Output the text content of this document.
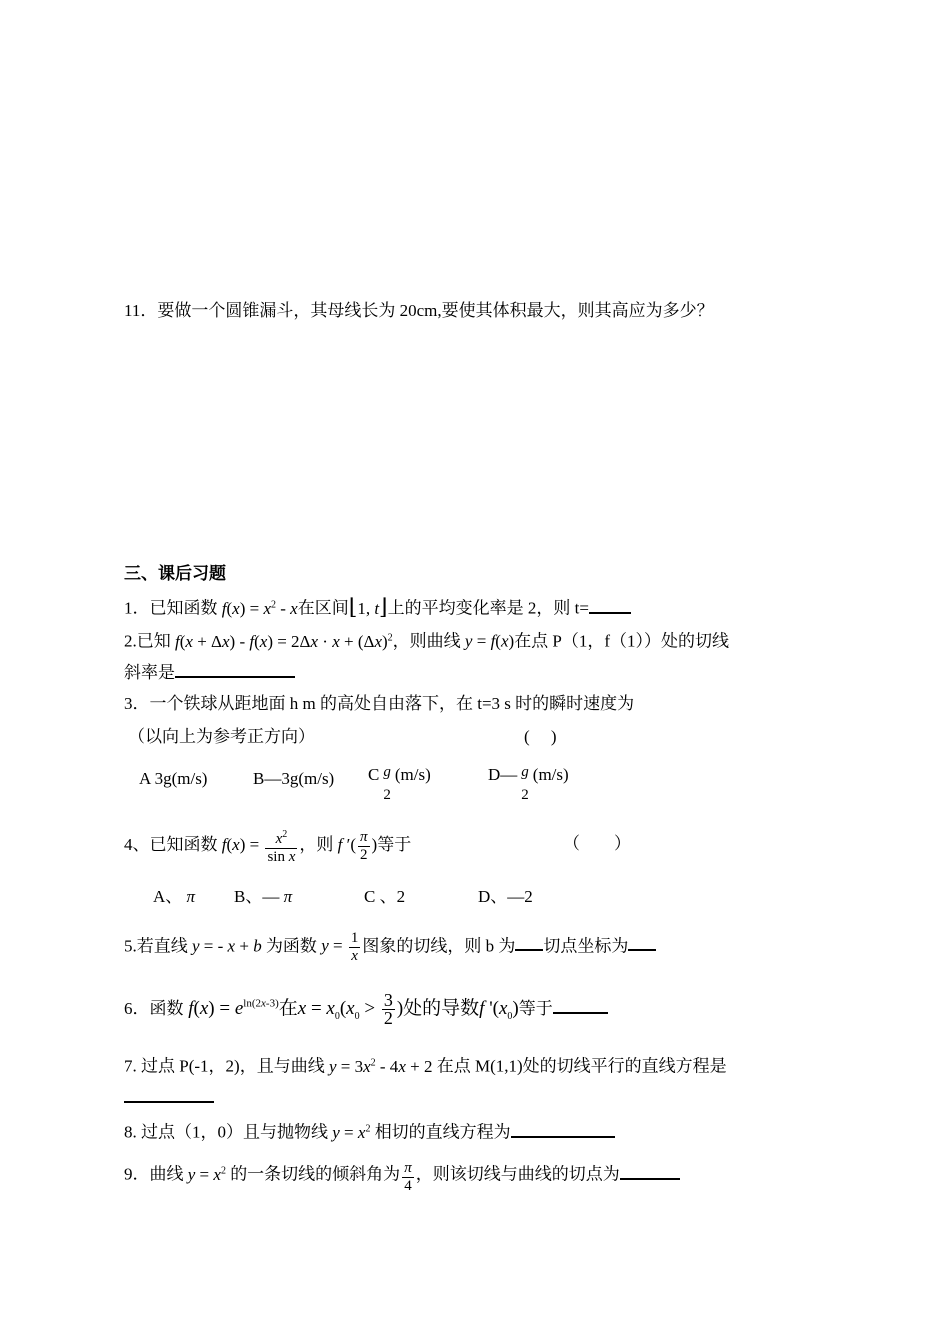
11．要做一个圆锥漏斗，其母线长为 20cm,要使其体积最大，则其高应为多少？
三、课后习题
1．已知函数 $f(x) = x^2 - x$在区间⌊1, t⌋上的平均变化率是 2，则 t=
2.已知 $f(x + \Delta x) - f(x) = 2\Delta x \cdot x + (\Delta x)^2$，则曲线 y = f(x)在点 P（1，f（1））处的切线
斜率是
3．一个铁球从距地面 h m 的高处自由落下，在 t=3 s 时的瞬时速度为
（以向上为参考正方向）	(　 )
A 3g(m/s)	B—3g(m/s) C g
2
(m/s)	D— g
2
(m/s)
4、已知函数 $f(x) = \frac{x^2}{\text{sin x}}$ ，则 f ′( $\frac{\pi}{2}$ )等于	（　　）
A、 π B、— π	C 、2	D、—2
5.若直线 y = - x + b 为函数 $y = \frac{1}{x}$ 图象的切线，则 b 为 切点坐标为
6．函数 $f(x) = e^{ln(2x-3)}$在$x = x_0(x_0 > \frac{3}{2}$ )处的导数f '$(x_0)$等于
7. 过点 P(-1，2)，且与曲线 $y = 3x^2 - 4x + 2$ 在点 M(1,1)处的切线平行的直线方程是
8. 过点（1，0）且与抛物线 $y = x^2$ 相切的直线方程为
9．曲线 $y = x^2$ 的一条切线的倾斜角为 $\frac{\pi}{4}$ ，则该切线与曲线的切点为
